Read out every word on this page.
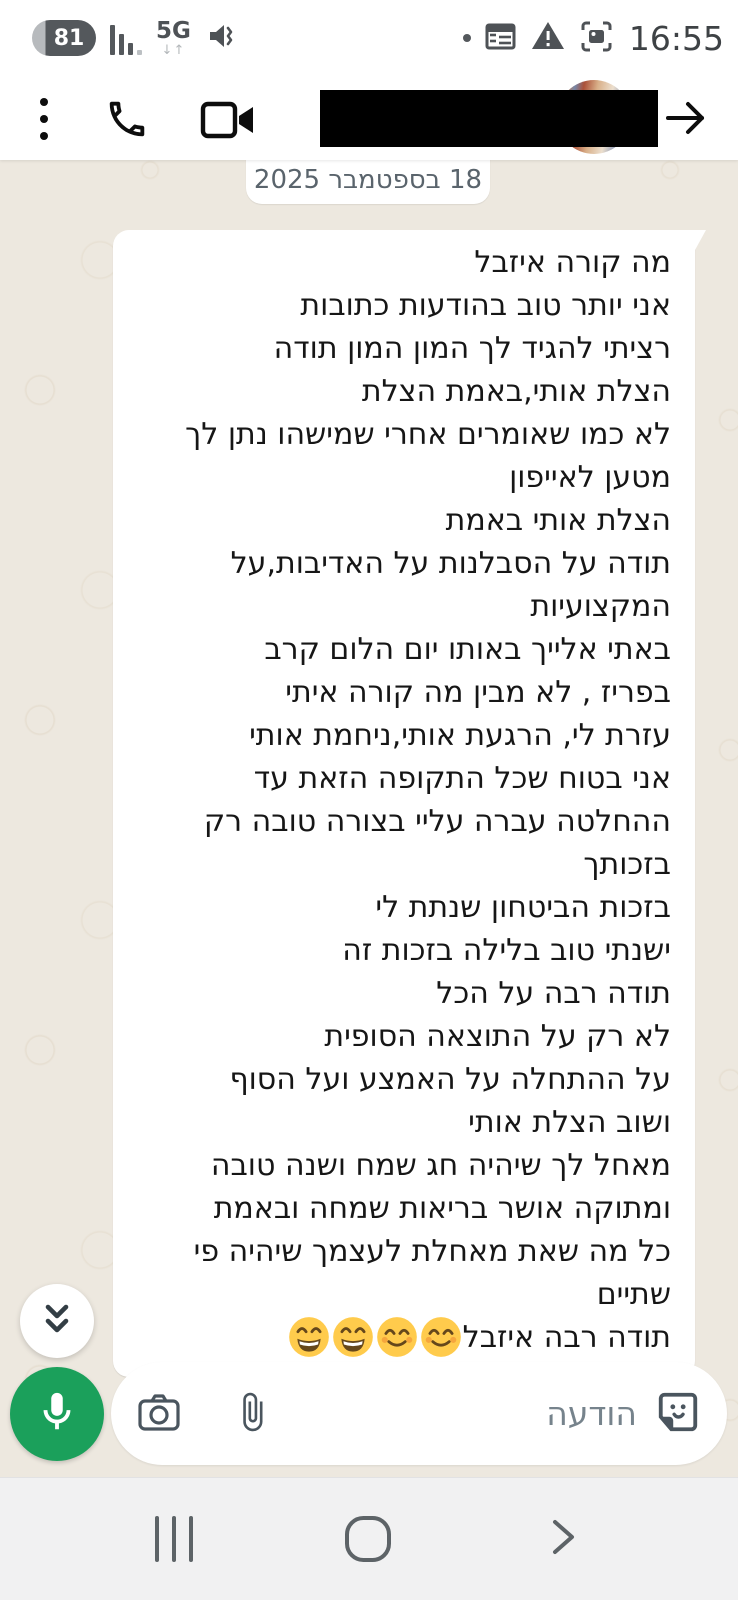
81	5G
↓↑	16:55
18 בספטמבר 2025
מה קורה איזבל
אני יותר טוב בהודעות כתובות
רציתי להגיד לך המון המון תודה
הצלת אותי,באמת הצלת
לא כמו שאומרים אחרי שמישהו נתן לך
מטען לאייפון
הצלת אותי באמת
תודה על הסבלנות על האדיבות,על
המקצועיות
באתי אלייך באותו יום הלום קרב
בפריז , לא מבין מה קורה איתי
עזרת לי, הרגעת אותי,ניחמת אותי
אני בטוח שכל התקופה הזאת עד
ההחלטה עברה עליי בצורה טובה רק
בזכותך
בזכות הביטחון שנתת לי
ישנתי טוב בלילה בזכות זה
תודה רבה על הכל
לא רק על התוצאה הסופית
על ההתחלה על האמצע ועל הסוף
ושוב הצלת אותי
מאחל לך שיהיה חג שמח ושנה טובה
ומתוקה אושר בריאות שמחה ובאמת
כל מה שאת מאחלת לעצמך שיהיה פי
שתיים
תודה רבה איזבל
הודעה
